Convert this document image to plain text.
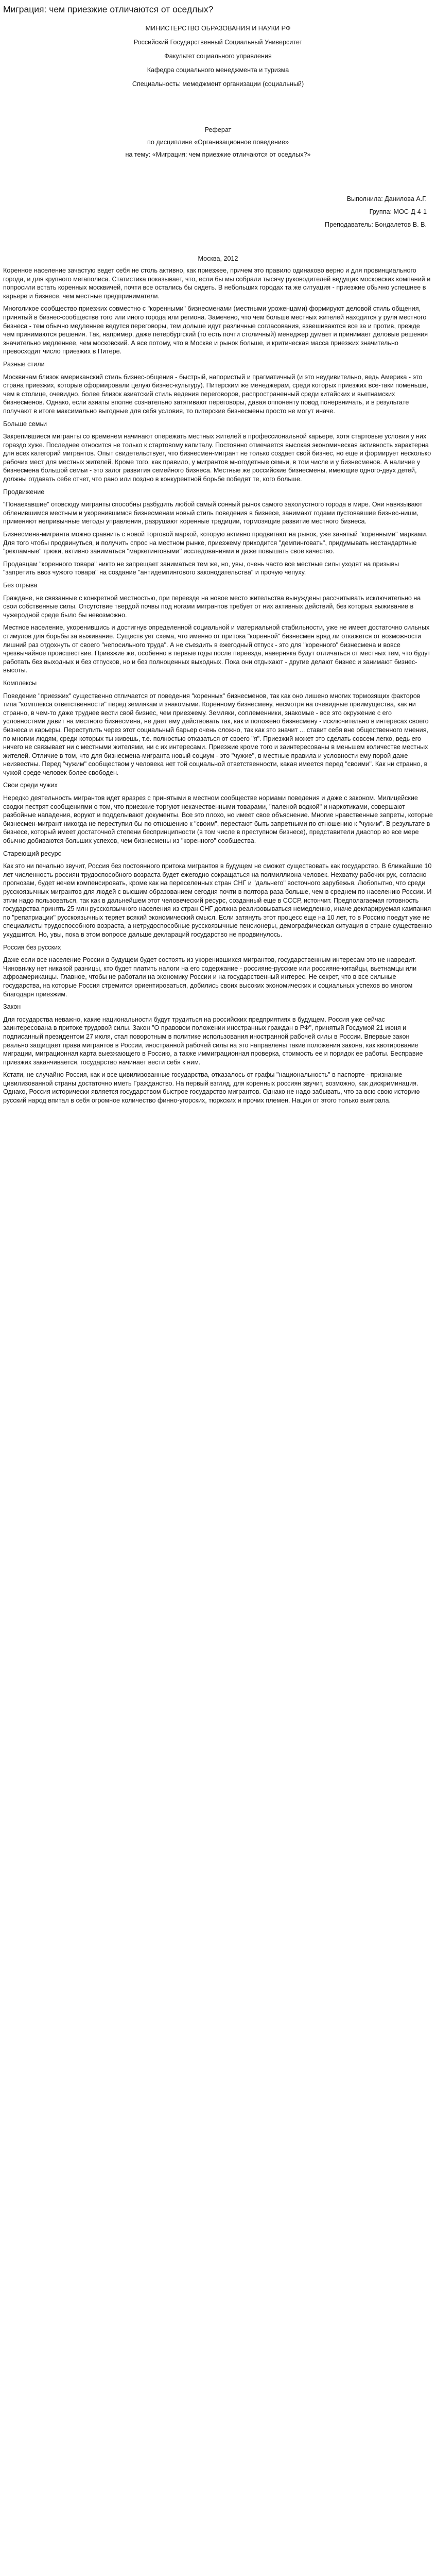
Миграция: чем приезжие отличаются от оседлых?
МИНИСТЕРСТВО ОБРАЗОВАНИЯ И НАУКИ РФ
Российский Государственный Социальный Университет
Факультет социального управления
Кафедра социального менеджмента и туризма
Специальность: мемеджмент организации (социальный)
Реферат
по дисциплине «Организационное поведение»
на тему: «Миграция: чем приезжие отличаются от оседлых?»
Выполнила: Данилова А.Г.
Группа: МОС-Д-4-1
Преподаватель: Бондалетов В. В.
Москва, 2012
Коренное население зачастую ведет себя не столь активно, как приезжее, причем это правило одинаково верно и для провинциального города, и для крупного мегаполиса. Статистика показывает, что, если бы мы собрали тысячу руководителей ведущих московских компаний и попросили встать коренных москвичей, почти все остались бы сидеть. В небольших городах та же ситуация - приезжие обычно успешнее в карьере и бизнесе, чем местные предприниматели.
Многоликое сообщество приезжих совместно с "коренными" бизнесменами (местными уроженцами) формируют деловой стиль общения, принятый в бизнес-сообществе того или иного города или региона. Замечено, что чем больше местных жителей находится у руля местного бизнеса - тем обычно медленнее ведутся переговоры, тем дольше идут различные согласования, взвешиваются все за и против, прежде чем принимаются решения. Так, например, даже петербургский (то есть почти столичный) менеджер думает и принимает деловые решения значительно медленнее, чем московский. А все потому, что в Москве и рынок больше, и критическая масса приезжих значительно превосходит число приезжих в Питере.
Разные стили
Москвичам близок американский стиль бизнес-общения - быстрый, напористый и прагматичный (и это неудивительно, ведь Америка - это страна приезжих, которые сформировали целую бизнес-культуру). Питерским же менеджерам, среди которых приезжих все-таки поменьше, чем в столице, очевидно, более близок азиатский стиль ведения переговоров, распространенный среди китайских и вьетнамских бизнесменов. Однако, если азиаты вполне сознательно затягивают переговоры, давая оппоненту повод понервничать, и в результате получают в итоге максимально выгодные для себя условия, то питерские бизнесмены просто не могут иначе.
Больше семьи
Закрепившиеся мигранты со временем начинают опережать местных жителей в профессиональной карьере, хотя стартовые условия у них гораздо хуже. Последнее относится не только к стартовому капиталу. Постоянно отмечается высокая экономическая активность характерна для всех категорий мигрантов. Опыт свидетельствует, что бизнесмен-мигрант не только создает свой бизнес, но еще и формирует несколько рабочих мест для местных жителей. Кроме того, как правило, у мигрантов многодетные семьи, в том числе и у бизнесменов. А наличие у бизнесмена большой семьи - это залог развития семейного бизнеса. Местные же российские бизнесмены, имеющие одного-двух детей, должны отдавать себе отчет, что рано или поздно в конкурентной борьбе победят те, кого больше.
Продвижение
"Понаехавшие" отовсюду мигранты способны разбудить любой самый сонный рынок самого захолустного города в мире. Они навязывают обленившимся местным и укоренившимся бизнесменам новый стиль поведения в бизнесе, занимают годами пустовавшие бизнес-ниши, применяют непривычные методы управления, разрушают коренные традиции, тормозящие развитие местного бизнеса.
Бизнесмена-мигранта можно сравнить с новой торговой маркой, которую активно продвигают на рынок, уже занятый "коренными" марками. Для того чтобы продвинуться, и получить спрос на местном рынке, приезжему приходится "демпинговать", придумывать нестандартные "рекламные" трюки, активно заниматься "маркетинговыми" исследованиями и даже повышать свое качество.
Продавцам "коренного товара" никто не запрещает заниматься тем же, но, увы, очень часто все местные силы уходят на призывы "запретить ввоз чужого товара" на создание "антидемпингового законодательства" и прочую чепуху.
Без отрыва
Граждане, не связанные с конкретной местностью, при переезде на новое место жительства вынуждены рассчитывать исключительно на свои собственные силы. Отсутствие твердой почвы под ногами мигрантов требует от них активных действий, без которых выживание в чужеродной среде было бы невозможно.
Местное население, укоренившись и достигнув определенной социальной и материальной стабильности, уже не имеет достаточно сильных стимулов для борьбы за выживание. Существ ует схема, что именно от притока "коренной" бизнесмен вряд ли откажется от возможности лишний раз отдохнуть от своего "непосильного труда". А не съездить в ежегодный отпуск - это для "коренного" бизнесмена и вовсе чрезвычайное происшествие. Приезжие же, особенно в первые годы после переезда, наверняка будут отличаться от местных тем, что будут работать без выходных и без отпусков, но и без полноценных выходных. Пока они отдыхают - другие делают бизнес и занимают бизнес-высоты.
Комплексы
Поведение "приезжих" существенно отличается от поведения "коренных" бизнесменов, так как оно лишено многих тормозящих факторов типа "комплекса ответственности" перед землякам и знакомыми. Коренному бизнесмену, несмотря на очевидные преимущества, как ни странно, в чем-то даже труднее вести свой бизнес, чем приезжему. Земляки, соплеменники, знакомые - все это окружение с его условностями давит на местного бизнесмена, не дает ему действовать так, как и положено бизнесмену - исключительно в интересах своего бизнеса и карьеры. Переступить через этот социальный барьер очень сложно, так как это значит ... ставит себя вне общественного мнения, по многим людям, среди которых ты живешь, т.е. полностью отказаться от своего "я". Приезжий может это сделать совсем легко, ведь его ничего не связывает ни с местными жителями, ни с их интересами. Приезжие кроме того и заинтересованы в меньшем количестве местных жителей. Отличие в том, что для бизнесмена-мигранта новый социум - это "чужие", в местные правила и условности ему порой даже неизвестны. Перед "чужим" сообществом у человека нет той социальной ответственности, какая имеется перед "своими". Как ни странно, в чужой среде человек более свободен.
Свои среди чужих
Нередко деятельность мигрантов идет вразрез с принятыми в местном сообществе нормами поведения и даже с законом. Милицейские сводки пестрят сообщениями о том, что приезжие торгуют некачественными товарами, "паленой водкой" и наркотиками, совершают разбойные нападения, воруют и подделывают документы. Все это плохо, но имеет свое объяснение. Многие нравственные запреты, которые бизнесмен-мигрант никогда не переступил бы по отношению к "своим", перестают быть запретными по отношению к "чужим". В результате в бизнесе, который имеет достаточной степени беспринципности (в том числе в преступном бизнесе), представители диаспор во все мере обычно добиваются больших успехов, чем бизнесмены из "коренного" сообщества.
Стареющий ресурс
Как это ни печально звучит, Россия без постоянного притока мигрантов в будущем не сможет существовать как государство. В ближайшие 10 лет численность россиян трудоспособного возраста будет ежегодно сокращаться на полмиллиона человек. Нехватку рабочих рук, согласно прогнозам, будет нечем компенсировать, кроме как на переселенных стран СНГ и "дальнего" восточного зарубежья. Любопытно, что среди русскоязычных мигрантов для людей с высшим образованием сегодня почти в полтора раза больше, чем в среднем по населению России. И этим надо пользоваться, так как в дальнейшем этот человеческий ресурс, созданный еще в СССР, истончит. Предполагаемая готовность государства принять 25 млн русскоязычного населения из стран СНГ должна реализовываться немедленно, иначе декларируемая кампания по "репатриации" русскоязычных теряет всякий экономический смысл. Если затянуть этот процесс еще на 10 лет, то в Россию поедут уже не специалисты трудоспособного возраста, а нетрудоспособные русскоязычные пенсионеры, демографическая ситуация в стране существенно ухудшится. Но, увы, пока в этом вопросе дальше деклараций государство не продвинулось.
Россия без русских
Даже если все население России в будущем будет состоять из укоренившихся мигрантов, государственным интересам это не навредит. Чиновнику нет никакой разницы, кто будет платить налоги на его содержание - россияне-русские или россияне-китайцы, вьетнамцы или афроамериканцы. Главное, чтобы не работали на экономику России и на государственный интерес. Не секрет, что в все сильные государства, на которые Россия стремится ориентироваться, добились своих высоких экономических и социальных успехов во многом благодаря приезжим.
Закон
Для государства неважно, какие национальности будут трудиться на российских предприятиях в будущем. Россия уже сейчас заинтересована в притоке трудовой силы. Закон "О правовом положении иностранных граждан в РФ", принятый Госдумой 21 июня и подписанный президентом 27 июля, стал поворотным в политике использования иностранной рабочей силы в России. Впервые закон реально защищает права мигрантов в России, иностранной рабочей силы на это направлены такие положения закона, как квотирование миграции, миграционная карта выезжающего в Россию, а также иммиграционная проверка, стоимость ее и порядок ее работы. Бесправие приезжих заканчивается, государство начинает вести себя к ним.
Кстати, не случайно Россия, как и все цивилизованные государства, отказалось от графы "национальность" в паспорте - признание цивилизованной страны достаточно иметь Гражданство. На первый взгляд, для коренных россиян звучит, возможно, как дискриминация. Однако, Россия исторически является государством быстрое государство мигрантов. Однако не надо забывать, что за всю свою историю русский народ впитал в себя огромное количество финно-угорских, тюркских и прочих племен. Нация от этого только выиграла.
